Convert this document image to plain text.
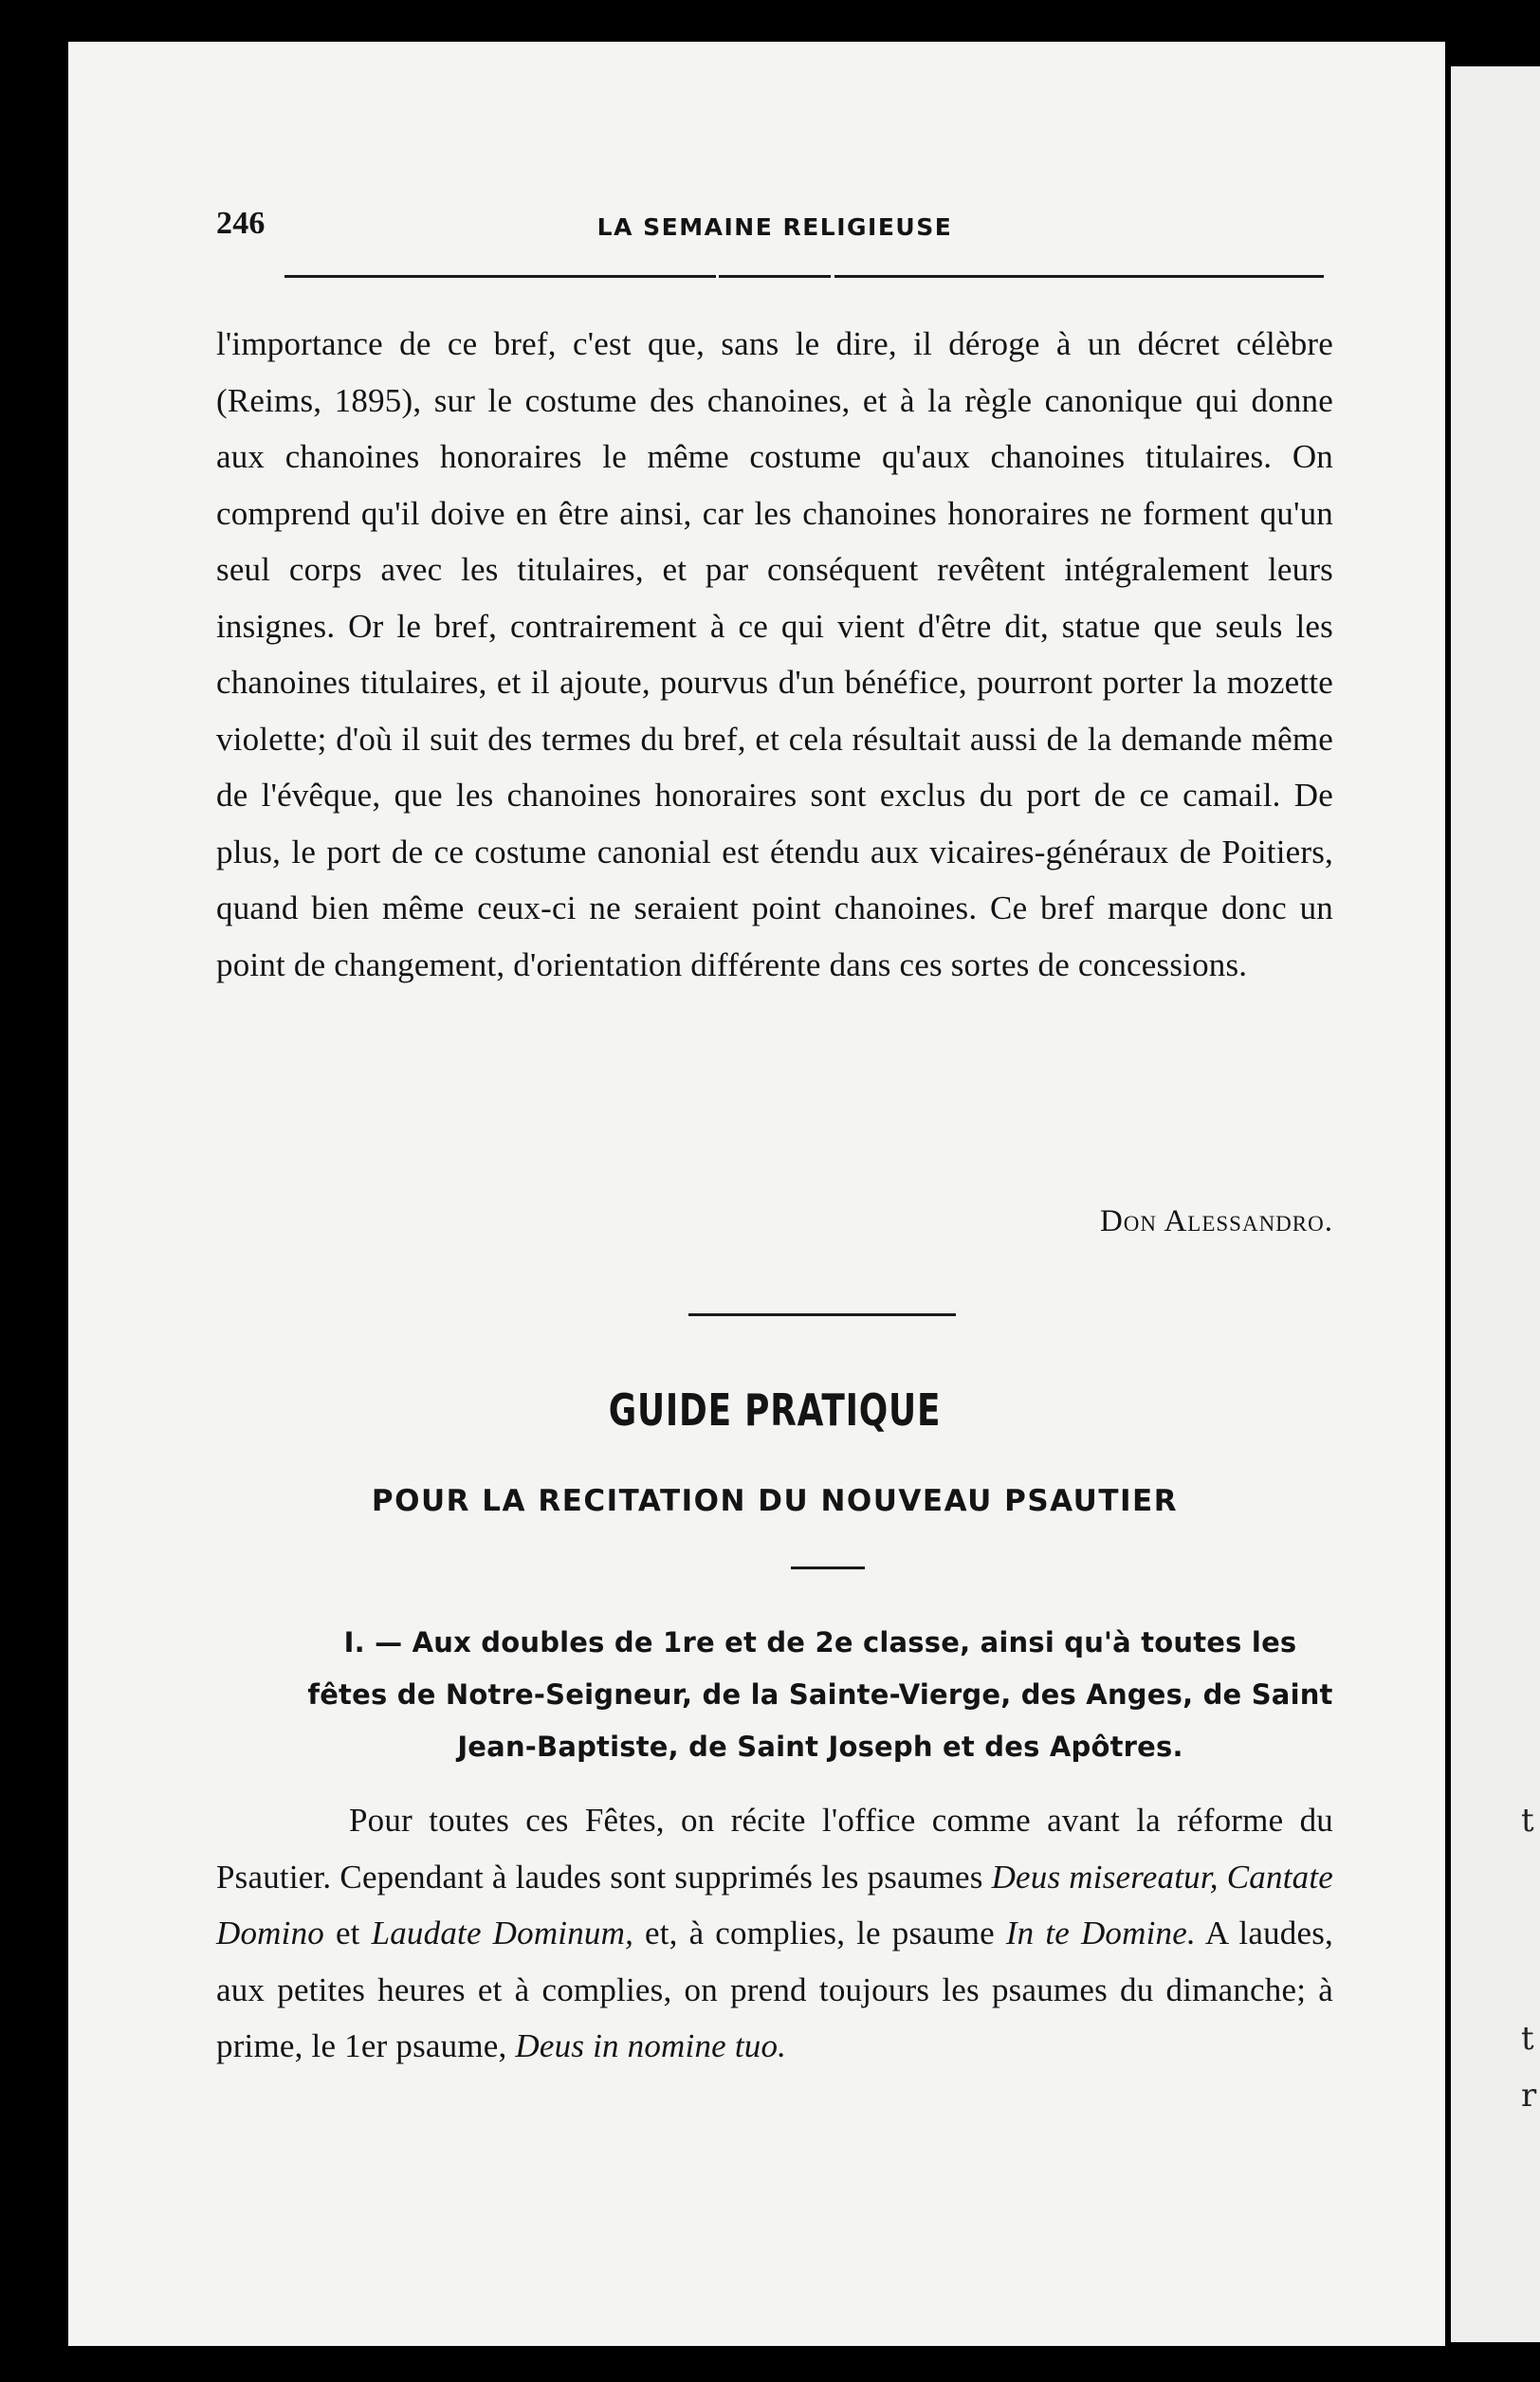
t
t
r
246	LA SEMAINE RELIGIEUSE
l'importance de ce bref, c'est que, sans le dire, il déroge à un décret célèbre (Reims, 1895), sur le costume des chanoines, et à la règle canonique qui donne aux chanoines honoraires le même costume qu'aux chanoines titulaires. On comprend qu'il doive en être ainsi, car les chanoines honoraires ne forment qu'un seul corps avec les titulaires, et par conséquent revêtent intégralement leurs insignes. Or le bref, contrairement à ce qui vient d'être dit, statue que seuls les chanoines titulaires, et il ajoute, pourvus d'un bénéfice, pourront porter la mozette violette; d'où il suit des termes du bref, et cela résultait aussi de la demande même de l'évêque, que les chanoines honoraires sont exclus du port de ce camail. De plus, le port de ce costume canonial est étendu aux vicaires-généraux de Poitiers, quand bien même ceux-ci ne seraient point chanoines. Ce bref marque donc un point de changement, d'orientation différente dans ces sortes de concessions.
Don Alessandro.
GUIDE PRATIQUE
POUR LA RECITATION DU NOUVEAU PSAUTIER
I. — Aux doubles de 1re et de 2e classe, ainsi qu'à toutes les fêtes de Notre-Seigneur, de la Sainte-Vierge, des Anges, de Saint Jean-Baptiste, de Saint Joseph et des Apôtres.
Pour toutes ces Fêtes, on récite l'office comme avant la réforme du Psautier. Cependant à laudes sont supprimés les psaumes Deus misereatur, Cantate Domino et Laudate Dominum, et, à complies, le psaume In te Domine. A laudes, aux petites heures et à complies, on prend toujours les psaumes du dimanche; à prime, le 1er psaume, Deus in nomine tuo.
